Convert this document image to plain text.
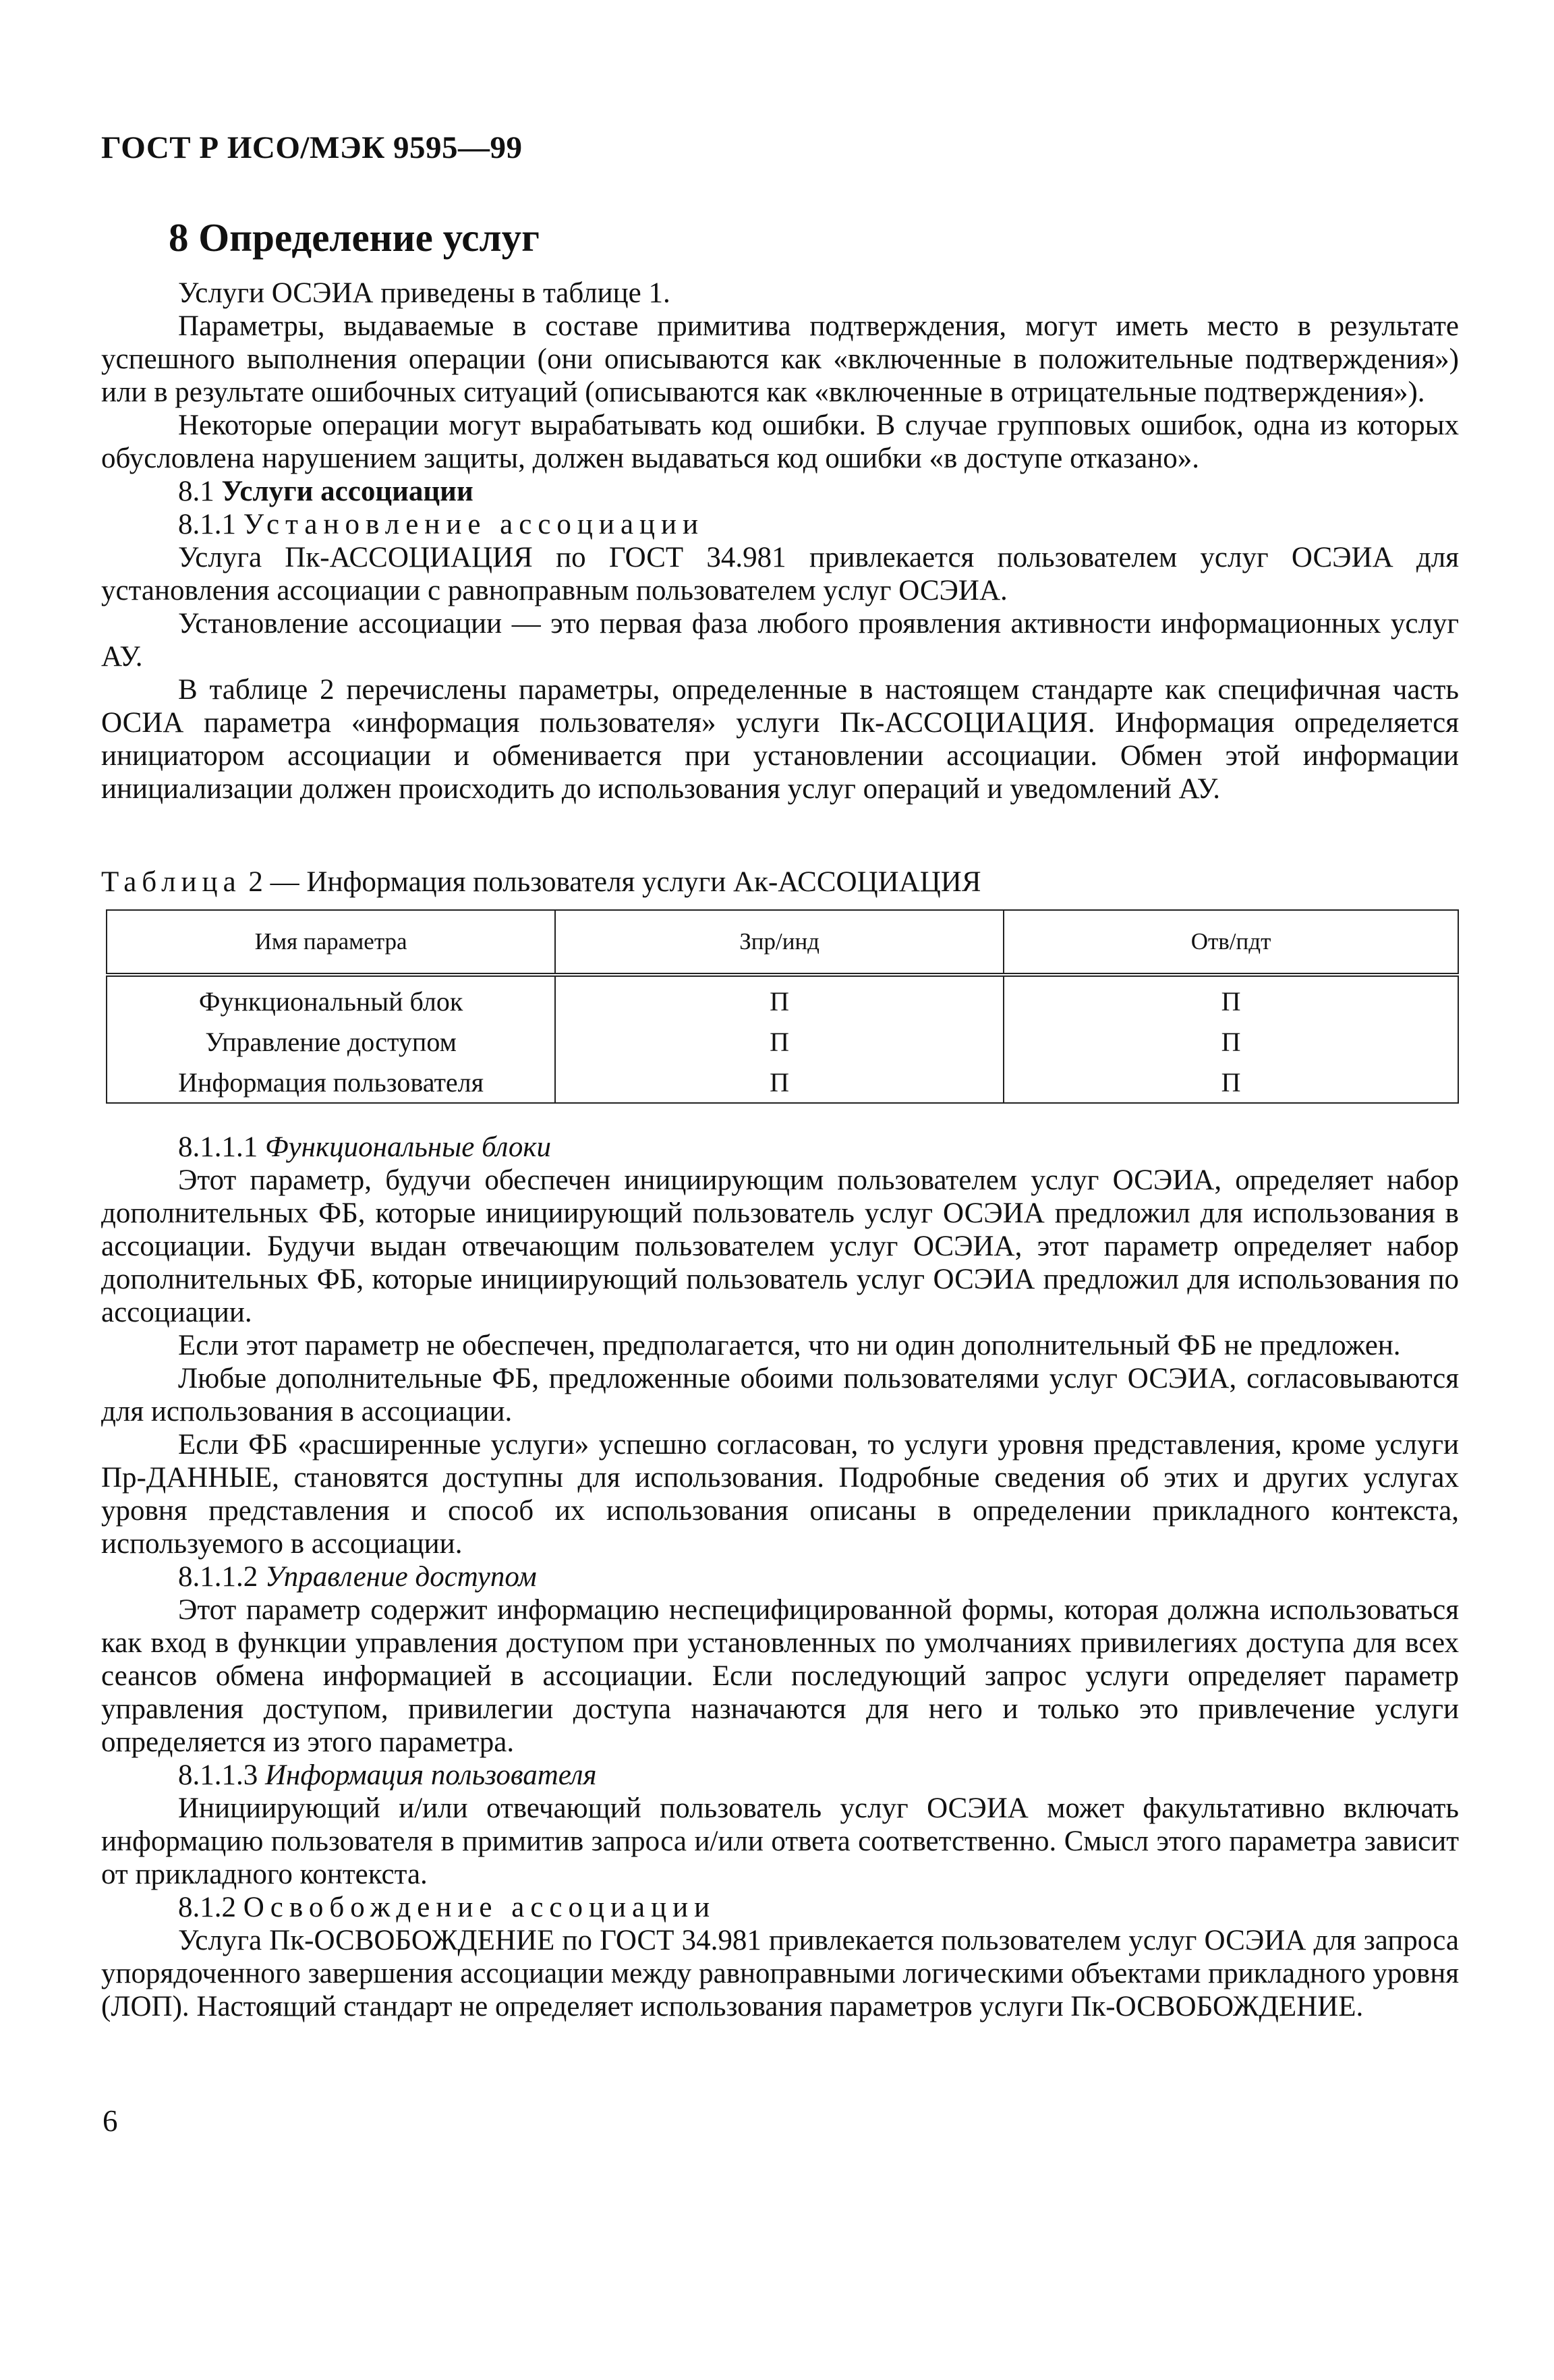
ГОСТ Р ИСО/МЭК 9595—99
8 Определение услуг

Услуги ОСЭИА приведены в таблице 1.

Параметры, выдаваемые в составе примитива подтверждения, могут иметь место в результате успешного выполнения операции (они описываются как «включенные в положительные подтверждения») или в результате ошибочных ситуаций (описываются как «включенные в отрицательные подтверждения»).

Некоторые операции могут вырабатывать код ошибки. В случае групповых ошибок, одна из которых обусловлена нарушением защиты, должен выдаваться код ошибки «в доступе отказано».

8.1 Услуги ассоциации

8.1.1 Установление ассоциации

Услуга Пк-АССОЦИАЦИЯ по ГОСТ 34.981 привлекается пользователем услуг ОСЭИА для установления ассоциации с равноправным пользователем услуг ОСЭИА.

Установление ассоциации — это первая фаза любого проявления активности информационных услуг АУ.

В таблице 2 перечислены параметры, определенные в настоящем стандарте как специфичная часть ОСИА параметра «информация пользователя» услуги Пк-АССОЦИАЦИЯ. Информация определяется инициатором ассоциации и обменивается при установлении ассоциации. Обмен этой информации инициализации должен происходить до использования услуг операций и уведомлений АУ.

Таблица 2 — Информация пользователя услуги Ак-АССОЦИАЦИЯ
Имя параметра	Зпр/инд	Отв/пдт
Функциональный блок	П	П
Управление доступом	П	П
Информация пользователя	П	П

8.1.1.1 Функциональные блоки

Этот параметр, будучи обеспечен инициирующим пользователем услуг ОСЭИА, определяет набор дополнительных ФБ, которые инициирующий пользователь услуг ОСЭИА предложил для использования в ассоциации. Будучи выдан отвечающим пользователем услуг ОСЭИА, этот параметр определяет набор дополнительных ФБ, которые инициирующий пользователь услуг ОСЭИА предложил для использования по ассоциации.

Если этот параметр не обеспечен, предполагается, что ни один дополнительный ФБ не предложен.

Любые дополнительные ФБ, предложенные обоими пользователями услуг ОСЭИА, согласовываются для использования в ассоциации.

Если ФБ «расширенные услуги» успешно согласован, то услуги уровня представления, кроме услуги Пр-ДАННЫЕ, становятся доступны для использования. Подробные сведения об этих и других услугах уровня представления и способ их использования описаны в определении прикладного контекста, используемого в ассоциации.

8.1.1.2 Управление доступом

Этот параметр содержит информацию неспецифицированной формы, которая должна использоваться как вход в функции управления доступом при установленных по умолчаниях привилегиях доступа для всех сеансов обмена информацией в ассоциации. Если последующий запрос услуги определяет параметр управления доступом, привилегии доступа назначаются для него и только это привлечение услуги определяется из этого параметра.

8.1.1.3 Информация пользователя

Инициирующий и/или отвечающий пользователь услуг ОСЭИА может факультативно включать информацию пользователя в примитив запроса и/или ответа соответственно. Смысл этого параметра зависит от прикладного контекста.

8.1.2 Освобождение ассоциации

Услуга Пк-ОСВОБОЖДЕНИЕ по ГОСТ 34.981 привлекается пользователем услуг ОСЭИА для запроса упорядоченного завершения ассоциации между равноправными логическими объектами прикладного уровня (ЛОП). Настоящий стандарт не определяет использования параметров услуги Пк-ОСВОБОЖДЕНИЕ.

6
